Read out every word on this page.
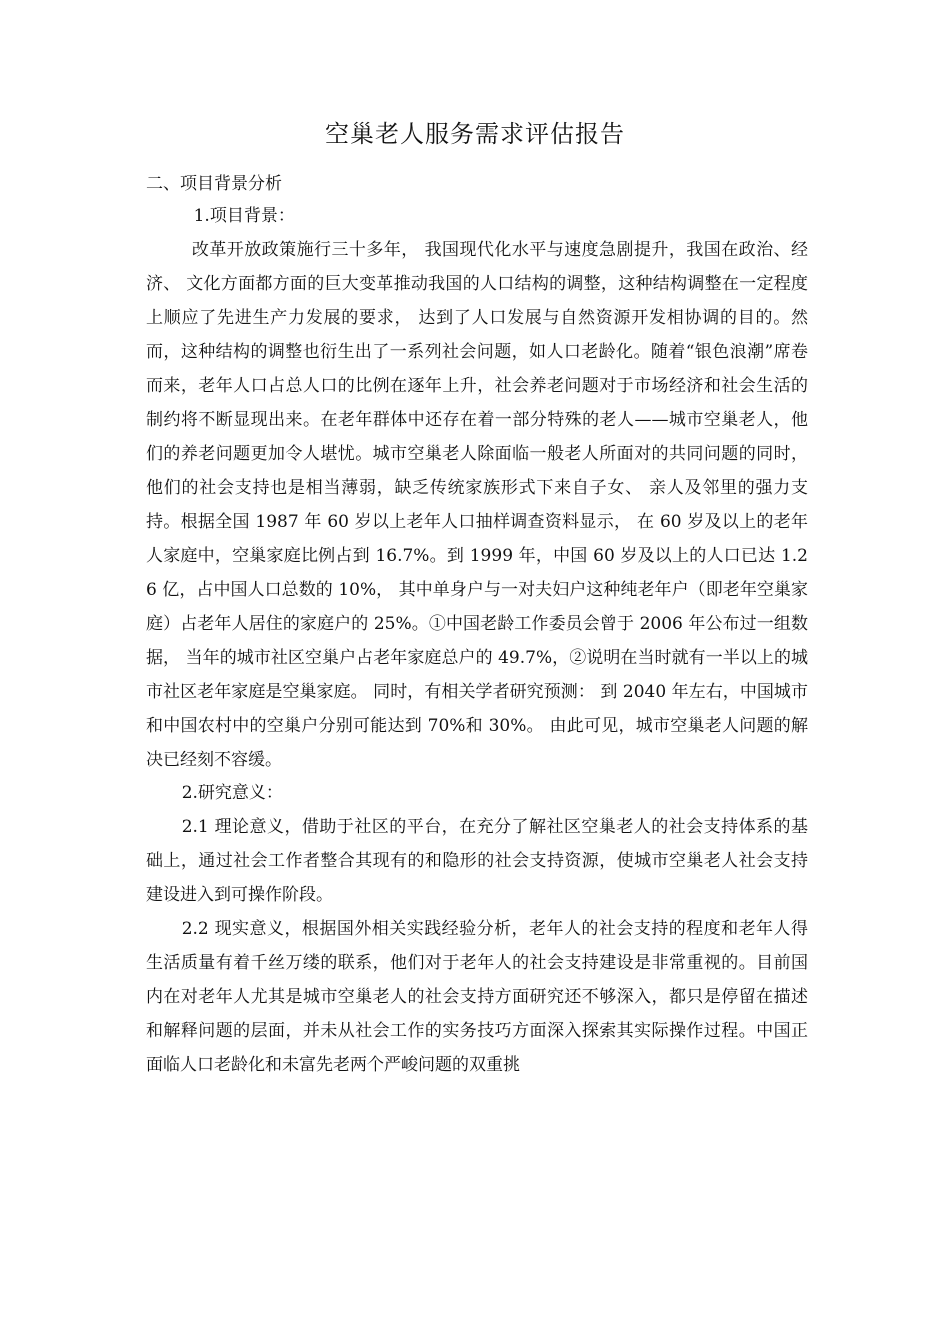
空巢老人服务需求评估报告

二、项目背景分析

1.项目背景：

改革开放政策施行三十多年， 我国现代化水平与速度急剧提升，我国在政治、经济、 文化方面都方面的巨大变革推动我国的人口结构的调整，这种结构调整在一定程度上顺应了先进生产力发展的要求， 达到了人口发展与自然资源开发相协调的目的。然而，这种结构的调整也衍生出了一系列社会问题，如人口老龄化。随着“银色浪潮”席卷而来，老年人口占总人口的比例在逐年上升，社会养老问题对于市场经济和社会生活的制约将不断显现出来。在老年群体中还存在着一部分特殊的老人——城市空巢老人，他们的养老问题更加令人堪忧。城市空巢老人除面临一般老人所面对的共同问题的同时，他们的社会支持也是相当薄弱，缺乏传统家族形式下来自子女、 亲人及邻里的强力支持。根据全国 1987 年 60 岁以上老年人口抽样调查资料显示， 在 60 岁及以上的老年人家庭中，空巢家庭比例占到 16.7%。到 1999 年，中国 60 岁及以上的人口已达 1.26 亿，占中国人口总数的 10%， 其中单身户与一对夫妇户这种纯老年户（即老年空巢家庭）占老年人居住的家庭户的 25%。①中国老龄工作委员会曾于 2006 年公布过一组数据， 当年的城市社区空巢户占老年家庭总户的 49.7%，②说明在当时就有一半以上的城市社区老年家庭是空巢家庭。 同时，有相关学者研究预测： 到 2040 年左右，中国城市和中国农村中的空巢户分别可能达到 70%和 30%。 由此可见，城市空巢老人问题的解决已经刻不容缓。

2.研究意义：

2.1 理论意义，借助于社区的平台，在充分了解社区空巢老人的社会支持体系的基础上，通过社会工作者整合其现有的和隐形的社会支持资源，使城市空巢老人社会支持建设进入到可操作阶段。

2.2 现实意义，根据国外相关实践经验分析，老年人的社会支持的程度和老年人得生活质量有着千丝万缕的联系，他们对于老年人的社会支持建设是非常重视的。目前国内在对老年人尤其是城市空巢老人的社会支持方面研究还不够深入，都只是停留在描述和解释问题的层面，并未从社会工作的实务技巧方面深入探索其实际操作过程。中国正面临人口老龄化和未富先老两个严峻问题的双重挑
